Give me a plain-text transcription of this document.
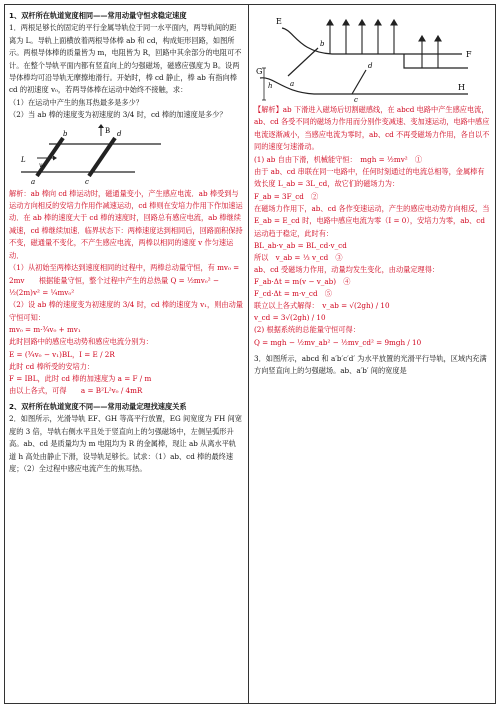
1、双杆所在轨道宽度相同——常用动量守恒求稳定速度

1．两根足够长的固定的平行金属导轨位于同一水平面内，两导轨间的距离为 L。导轨上面横放着两根导体棒 ab 和 cd，构成矩形回路，如图所示。两根导体棒的质量皆为 m，电阻皆为 R，回路中其余部分的电阻可不计。在整个导轨平面内都有竖直向上的匀强磁场，磁感应强度为 B。设两导体棒均可沿导轨无摩擦地滑行。开始时，棒 cd 静止，棒 ab 有指向棒 cd 的初速度 v₀，若两导体棒在运动中始终不接触，求：

（1）在运动中产生的焦耳热最多是多少？

（2）当 ab 棒的速度变为初速度的 3/4 时，cd 棒的加速度是多少？

B
L
v₀
a
b
c
d

解析：ab 棒向 cd 棒运动时，磁通量变小，产生感应电流．ab 棒受到与运动方向相反的安培力作用作减速运动，cd 棒则在安培力作用下作加速运动．在 ab 棒的速度大于 cd 棒的速度时，回路总有感应电流，ab 棒继续减速，cd 棒继续加速．临界状态下：两棒速度达到相同后，回路面积保持不变，磁通量不变化，不产生感应电流，两棒以相同的速度 v 作匀速运动．

（1）从初始至两棒达到速度相同的过程中，两棒总动量守恒，有 mv₀ = 2mv　　根据能量守恒，整个过程中产生的总热量 Q = ½mv₀² − ½(2m)v² = ¼mv₀²

（2）设 ab 棒的速度变为初速度的 3/4 时，cd 棒的速度为 v₁，则由动量守恒可知：

mv₀ = m·¾v₀ + mv₁

此时回路中的感应电动势和感应电流分别为：

E = (¾v₀ − v₁)BL，I = E / 2R

此时 cd 棒所受的安培力：

F = IBL，此时 cd 棒的加速度为 a = F / m

由以上各式，可得　　 a = B²L²v₀ / 4mR

2、双杆所在轨道宽度不同——常用动量定理找速度关系

2．如图所示，光滑导轨 EF、GH 等高平行放置，EG 间宽度为 FH 间宽度的 3 倍，导轨右侧水平且处于竖直向上的匀强磁场中，左侧呈弧形升高。ab、cd 是质量均为 m 电阻均为 R 的金属棒，现让 ab 从离水平轨道 h 高处由静止下滑，设导轨足够长。试求：（1）ab、cd 棒的最终速度；（2）全过程中感应电流产生的焦耳热。

E
F
G
H
a
b
c
d
h

【解析】ab 下滑进入磁场后切割磁感线，在 abcd 电路中产生感应电流，ab、cd 各受不同的磁场力作用而分别作变减速、变加速运动，电路中感应电流逐渐减小，当感应电流为零时，ab、cd 不再受磁场力作用，各自以不同的速度匀速滑动。

(1) ab 自由下滑，机械能守恒：　mgh = ½mv²　①

由于 ab、cd 串联在同一电路中，任何时刻通过的电流总相等，金属棒有效长度 L_ab = 3L_cd，故它们的磁场力为：

F_ab = 3F_cd　②

在磁场力作用下，ab、cd 各作变速运动，产生的感应电动势方向相反，当 E_ab = E_cd 时，电路中感应电流为零（I = 0），安培力为零，ab、cd 运动趋于稳定，此时有：

BL_ab·v_ab = BL_cd·v_cd

所以　v_ab = ⅓ v_cd　③

ab、cd 受磁场力作用，动量均发生变化，由动量定理得：

F_ab·Δt = m(v − v_ab)　④

F_cd·Δt = m·v_cd　⑤

联立以上各式解得：　 v_ab = √(2gh) / 10

v_cd = 3√(2gh) / 10

(2) 根据系统的总能量守恒可得：

Q = mgh − ½mv_ab² − ½mv_cd² = 9mgh / 10

3．如图所示，abcd 和 a′b′c′d′ 为水平放置的光滑平行导轨，区域内充满方向竖直向上的匀强磁场。ab、a′b′ 间的宽度是
